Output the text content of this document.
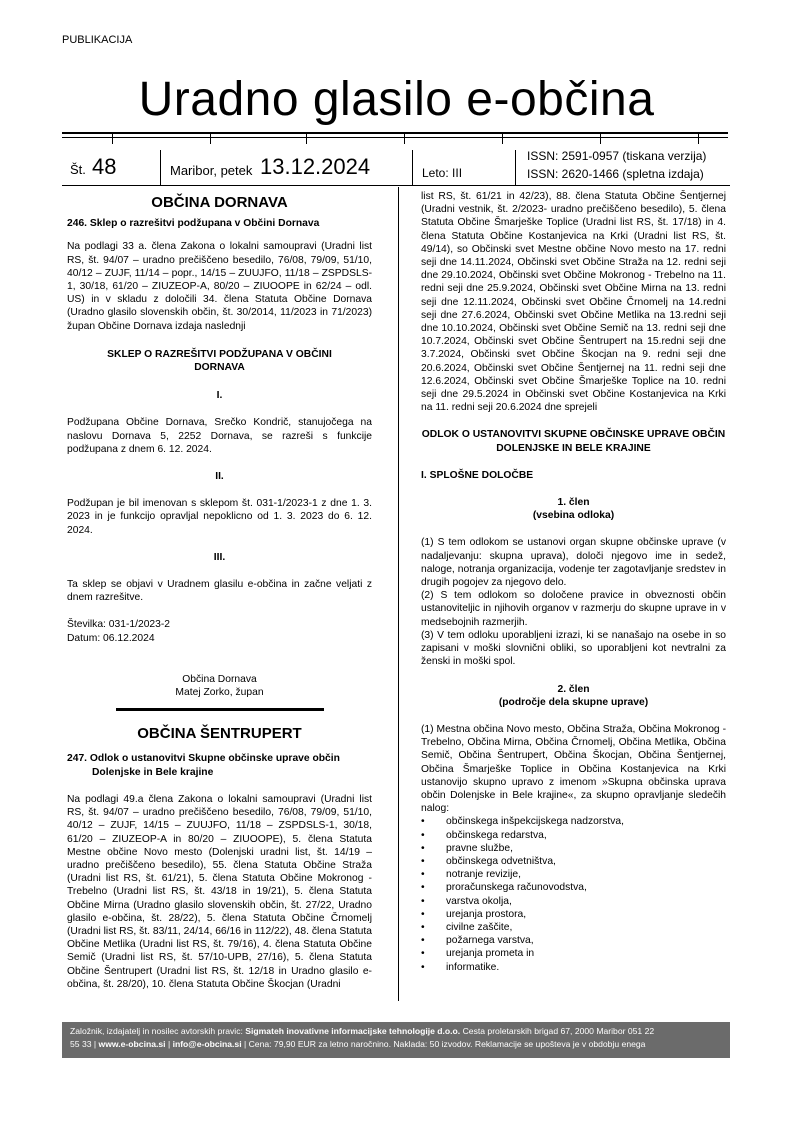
PUBLIKACIJA
Uradno glasilo e-občina
Št. 48	Maribor, petek 13.12.2024	Leto: III
ISSN: 2591-0957 (tiskana verzija)
ISSN: 2620-1466 (spletna izdaja)
OBČINA DORNAVA
246. Sklep o razrešitvi podžupana v Občini Dornava

Na podlagi 33 a. člena Zakona o lokalni samoupravi (Uradni list RS, št. 94/07 – uradno prečiščeno besedilo, 76/08, 79/09, 51/10, 40/12 – ZUJF, 11/14 – popr., 14/15 – ZUUJFO, 11/18 – ZSPDSLS-1, 30/18, 61/20 – ZIUZEOP-A, 80/20 – ZIUOOPE in 62/24 – odl. US) in v skladu z določili 34. člena Statuta Občine Dornava (Uradno glasilo slovenskih občin, št. 30/2014, 11/2023 in 71/2023) župan Občine Dornava izdaja naslednji

SKLEP O RAZREŠITVI PODŽUPANA V OBČINI DORNAVA

I.

Podžupana Občine Dornava, Srečko Kondrič, stanujočega na naslovu Dornava 5, 2252 Dornava, se razreši s funkcije podžupana z dnem 6. 12. 2024.

II.

Podžupan je bil imenovan s sklepom št. 031-1/2023-1 z dne 1. 3. 2023 in je funkcijo opravljal nepoklicno od 1. 3. 2023 do 6. 12. 2024.

III.

Ta sklep se objavi v Uradnem glasilu e-občina in začne veljati z dnem razrešitve.

Številka: 031-1/2023-2

Datum: 06.12.2024

Občina Dornava

Matej Zorko, župan

OBČINA ŠENTRUPERT
247. Odlok o ustanovitvi Skupne občinske uprave občin Dolenjske in Bele krajine

Na podlagi 49.a člena Zakona o lokalni samoupravi (Uradni list RS, št. 94/07 – uradno prečiščeno besedilo, 76/08, 79/09, 51/10, 40/12 – ZUJF, 14/15 – ZUUJFO, 11/18 – ZSPDSLS-1, 30/18, 61/20 – ZIUZEOP-A in 80/20 – ZIUOOPE), 5. člena Statuta Mestne občine Novo mesto (Dolenjski uradni list, št. 14/19 – uradno prečiščeno besedilo), 55. člena Statuta Občine Straža (Uradni list RS, št. 61/21), 5. člena Statuta Občine Mokronog - Trebelno (Uradni list RS, št. 43/18 in 19/21), 5. člena Statuta Občine Mirna (Uradno glasilo slovenskih občin, št. 27/22, Uradno glasilo e-občina, št. 28/22), 5. člena Statuta Občine Črnomelj (Uradni list RS, št. 83/11, 24/14, 66/16 in 112/22), 48. člena Statuta Občine Metlika (Uradni list RS, št. 79/16), 4. člena Statuta Občine Semič (Uradni list RS, št. 57/10-UPB, 27/16), 5. člena Statuta Občine Šentrupert (Uradni list RS, št. 12/18 in Uradno glasilo e-občina, št. 28/20), 10. člena Statuta Občine Škocjan (Uradni

list RS, št. 61/21 in 42/23), 88. člena Statuta Občine Šentjernej (Uradni vestnik, št. 2/2023- uradno prečiščeno besedilo), 5. člena Statuta Občine Šmarješke Toplice (Uradni list RS, št. 17/18) in 4. člena Statuta Občine Kostanjevica na Krki (Uradni list RS, št. 49/14), so Občinski svet Mestne občine Novo mesto na 17. redni seji dne 14.11.2024, Občinski svet Občine Straža na 12. redni seji dne 29.10.2024, Občinski svet Občine Mokronog - Trebelno na 11. redni seji dne 25.9.2024, Občinski svet Občine Mirna na 13. redni seji dne 12.11.2024, Občinski svet Občine Črnomelj na 14.redni seji dne 27.6.2024, Občinski svet Občine Metlika na 13.redni seji dne 10.10.2024, Občinski svet Občine Semič na 13. redni seji dne 10.7.2024, Občinski svet Občine Šentrupert na 15.redni seji dne 3.7.2024, Občinski svet Občine Škocjan na 9. redni seji dne 20.6.2024, Občinski svet Občine Šentjernej na 11. redni seji dne 12.6.2024, Občinski svet Občine Šmarješke Toplice na 10. redni seji dne 29.5.2024 in Občinski svet Občine Kostanjevica na Krki na 11. redni seji 20.6.2024 dne sprejeli

ODLOK O USTANOVITVI SKUPNE OBČINSKE UPRAVE OBČIN DOLENJSKE IN BELE KRAJINE

I. SPLOŠNE DOLOČBE

1. člen

(vsebina odloka)

(1) S tem odlokom se ustanovi organ skupne občinske uprave (v nadaljevanju: skupna uprava), določi njegovo ime in sedež, naloge, notranja organizacija, vodenje ter zagotavljanje sredstev in drugih pogojev za njegovo delo.

(2) S tem odlokom so določene pravice in obveznosti občin ustanoviteljic in njihovih organov v razmerju do skupne uprave in v medsebojnih razmerjih.

(3) V tem odloku uporabljeni izrazi, ki se nanašajo na osebe in so zapisani v moški slovnični obliki, so uporabljeni kot nevtralni za ženski in moški spol.

2. člen

(področje dela skupne uprave)

(1) Mestna občina Novo mesto, Občina Straža, Občina Mokronog - Trebelno, Občina Mirna, Občina Črnomelj, Občina Metlika, Občina Semič, Občina Šentrupert, Občina Škocjan, Občina Šentjernej, Občina Šmarješke Toplice in Občina Kostanjevica na Krki ustanovijo skupno upravo z imenom »Skupna občinska uprava občin Dolenjske in Bele krajine«, za skupno opravljanje sledečih nalog:

• občinskega inšpekcijskega nadzorstva,
• občinskega redarstva,
• pravne službe,
• občinskega odvetništva,
• notranje revizije,
• proračunskega računovodstva,
• varstva okolja,
• urejanja prostora,
• civilne zaščite,
• požarnega varstva,
• urejanja prometa in
• informatike.
Založnik, izdajatelj in nosilec avtorskih pravic: Sigmateh inovativne informacijske tehnologije d.o.o. Cesta proletarskih brigad 67, 2000 Maribor 051 22
55 33 | www.e-obcina.si | info@e-obcina.si | Cena: 79,90 EUR za letno naročnino. Naklada: 50 izvodov. Reklamacije se upošteva je v obdobju enega
